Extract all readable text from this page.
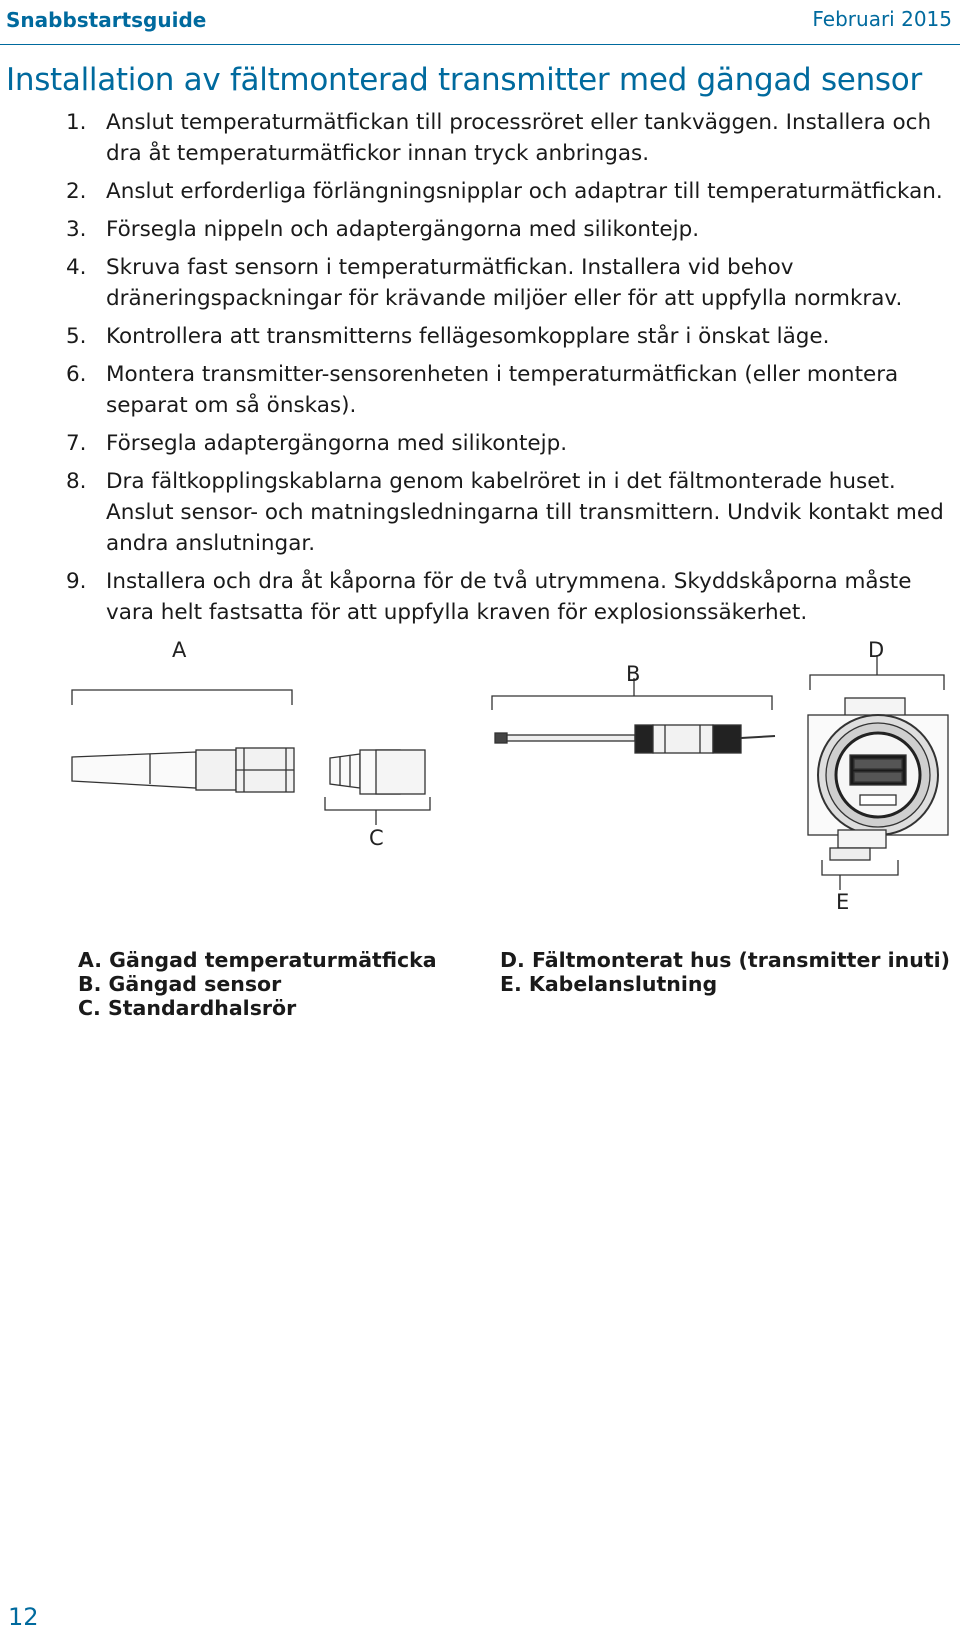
Snabbstartsguide	Februari 2015
Installation av fältmonterad transmitter med gängad sensor
1. Anslut temperaturmätfickan till processröret eller tankväggen. Installera och dra åt temperaturmätfickor innan tryck anbringas.
2. Anslut erforderliga förlängningsnipplar och adaptrar till temperaturmätfickan.
3. Försegla nippeln och adaptergängorna med silikontejp.
4. Skruva fast sensorn i temperaturmätfickan. Installera vid behov dräneringspackningar för krävande miljöer eller för att uppfylla normkrav.
5. Kontrollera att transmitterns fellägesomkopplare står i önskat läge.
6. Montera transmitter-sensorenheten i temperaturmätfickan (eller montera separat om så önskas).
7. Försegla adaptergängorna med silikontejp.
8. Dra fältkopplingskablarna genom kabelröret in i det fältmonterade huset. Anslut sensor- och matningsledningarna till transmittern. Undvik kontakt med andra anslutningar.
9. Installera och dra åt kåporna för de två utrymmena. Skyddskåporna måste vara helt fastsatta för att uppfylla kraven för explosionssäkerhet.
A
B
C
D
E
A. Gängad temperaturmätficka
B. Gängad sensor
C. Standardhalsrör
D. Fältmonterat hus (transmitter inuti)
E. Kabelanslutning
12
